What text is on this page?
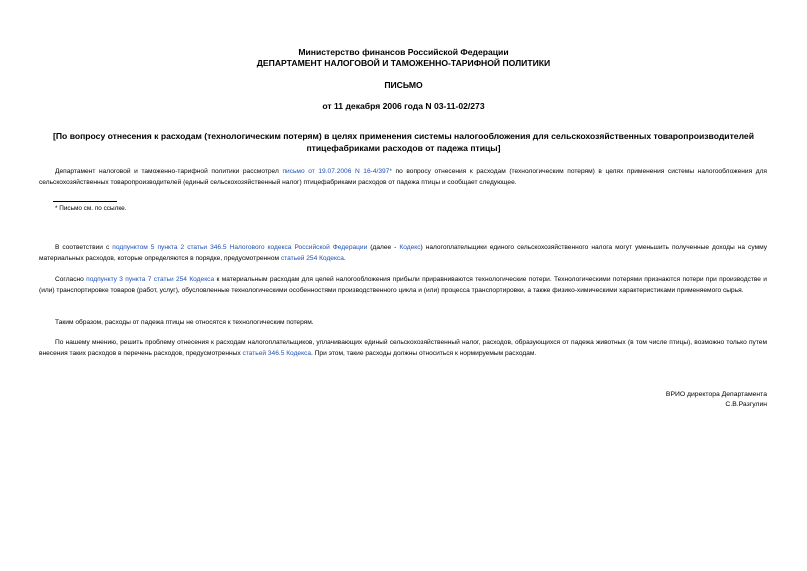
Министерство финансов Российской Федерации
ДЕПАРТАМЕНТ НАЛОГОВОЙ И ТАМОЖЕННО-ТАРИФНОЙ ПОЛИТИКИ
ПИСЬМО
от 11 декабря 2006 года N 03-11-02/273
[По вопросу отнесения к расходам (технологическим потерям) в целях применения системы налогообложения для сельскохозяйственных товаропроизводителей птицефабриками расходов от падежа птицы]

Департамент налоговой и таможенно-тарифной политики рассмотрел письмо от 19.07.2006 N 16-4/397* по вопросу отнесения к расходам (технологическим потерям) в целях применения системы налогообложения для сельскохозяйственных товаропроизводителей (единый сельскохозяйственный налог) птицефабриками расходов от падежа птицы и сообщает следующее.

* Письмо см. по ссылке.

В соответствии с подпунктом 5 пункта 2 статьи 346.5 Налогового кодекса Российской Федерации (далее - Кодекс) налогоплательщики единого сельскохозяйственного налога могут уменьшить полученные доходы на сумму материальных расходов, которые определяются в порядке, предусмотренном статьей 254 Кодекса.

Согласно подпункту 3 пункта 7 статьи 254 Кодекса к материальным расходам для целей налогообложения прибыли приравниваются технологические потери. Технологическими потерями признаются потери при производстве и (или) транспортировке товаров (работ, услуг), обусловленные технологическими особенностями производственного цикла и (или) процесса транспортировки, а также физико-химическими характеристиками применяемого сырья.

Таким образом, расходы от падежа птицы не относятся к технологическим потерям.

По нашему мнению, решить проблему отнесения к расходам налогоплательщиков, уплачивающих единый сельскохозяйственный налог, расходов, образующихся от падежа животных (в том числе птицы), возможно только путем внесения таких расходов в перечень расходов, предусмотренных статьей 346.5 Кодекса. При этом, такие расходы должны относиться к нормируемым расходам.

ВРИО директора Департамента
С.В.Разгулин
